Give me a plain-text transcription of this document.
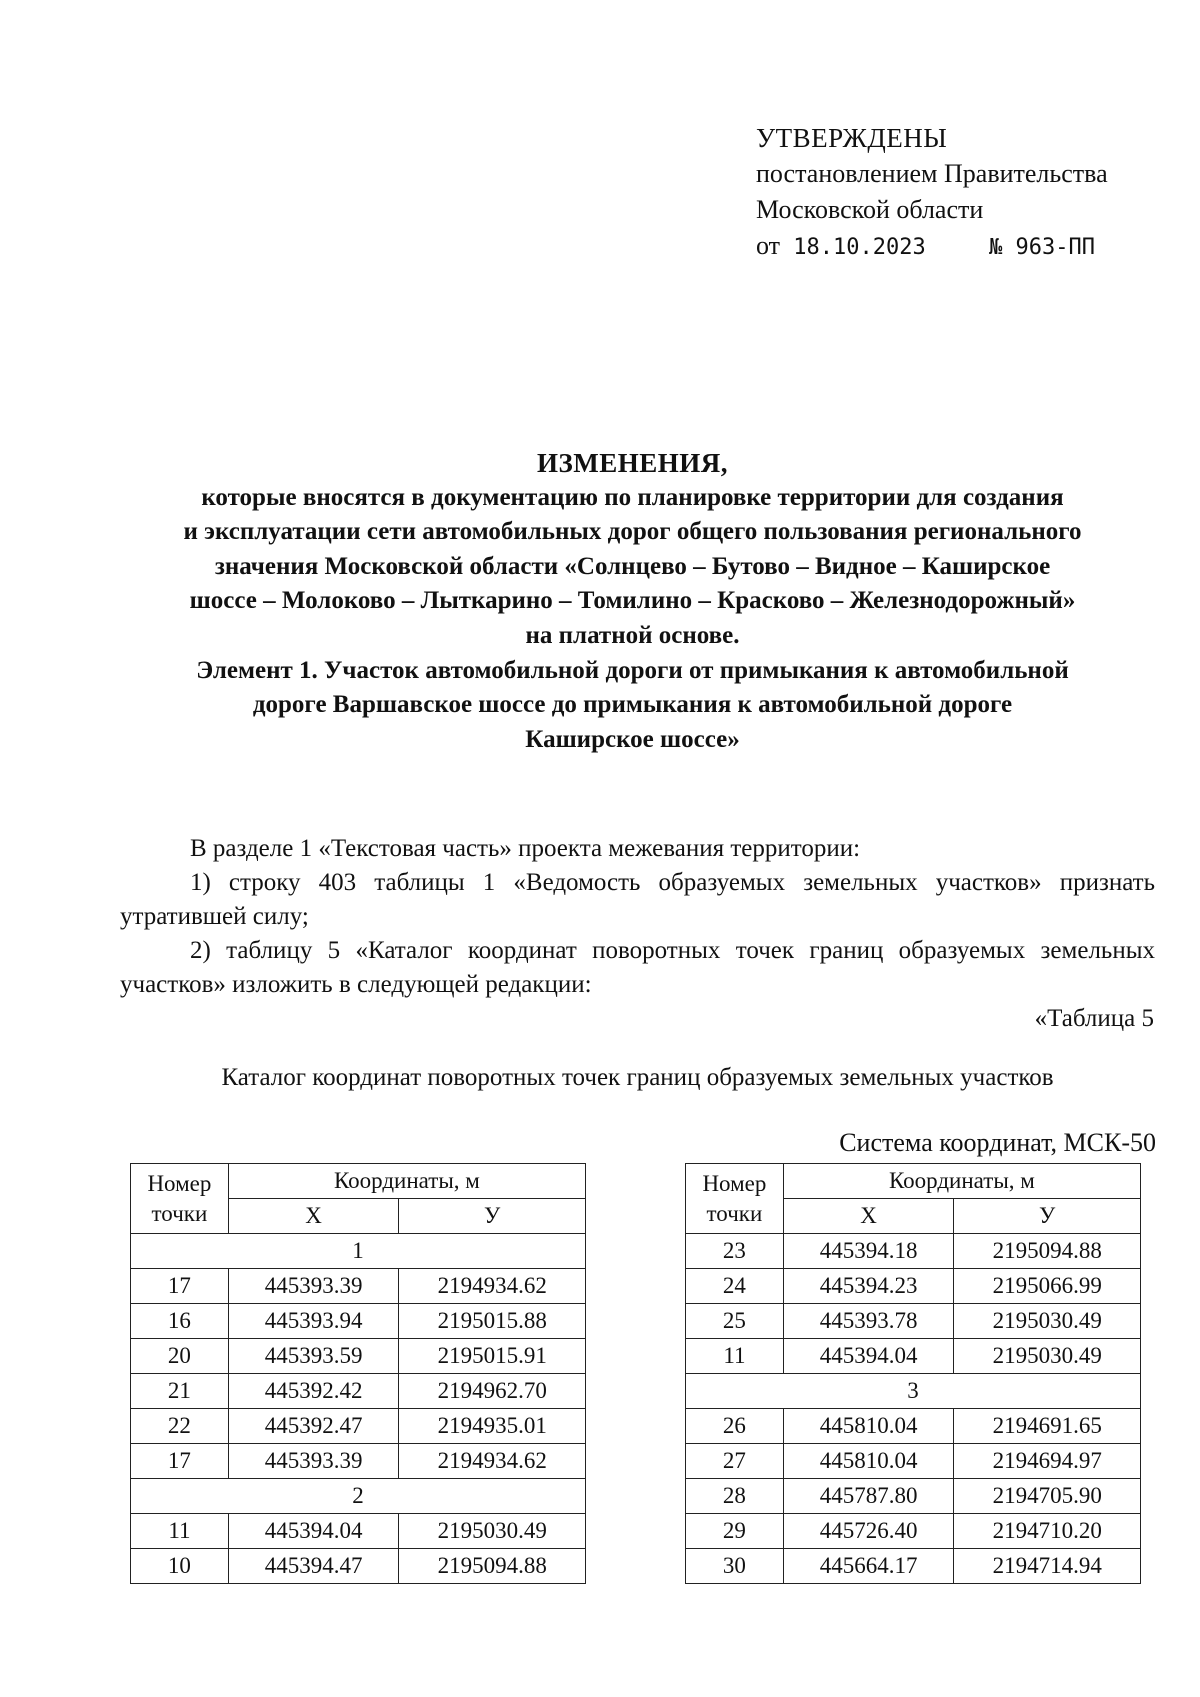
УТВЕРЖДЕНЫ
постановлением Правительства
Московской области
от 18.10.2023	№ 963-ПП
ИЗМЕНЕНИЯ,
которые вносятся в документацию по планировке территории для создания
и эксплуатации сети автомобильных дорог общего пользования регионального
значения Московской области «Солнцево – Бутово – Видное – Каширское
шоссе – Молоково – Лыткарино – Томилино – Красково – Железнодорожный»
на платной основе.
Элемент 1. Участок автомобильной дороги от примыкания к автомобильной
дороге Варшавское шоссе до примыкания к автомобильной дороге
Каширское шоссе»

В разделе 1 «Текстовая часть» проекта межевания территории:

1) строку 403 таблицы 1 «Ведомость образуемых земельных участков» признать утратившей силу;

2) таблицу 5 «Каталог координат поворотных точек границ образуемых земельных участков» изложить в следующей редакции:

«Таблица 5
Каталог координат поворотных точек границ образуемых земельных участков
Система координат, МСК-50
Номер
точки	Координаты, м	
	X	У
1		
17	445393.39	2194934.62
16	445393.94	2195015.88
20	445393.59	2195015.91
21	445392.42	2194962.70
22	445392.47	2194935.01
17	445393.39	2194934.62
2		
11	445394.04	2195030.49
10	445394.47	2195094.88
Номер
точки	Координаты, м	
	X	У
23	445394.18	2195094.88
24	445394.23	2195066.99
25	445393.78	2195030.49
11	445394.04	2195030.49
3		
26	445810.04	2194691.65
27	445810.04	2194694.97
28	445787.80	2194705.90
29	445726.40	2194710.20
30	445664.17	2194714.94
